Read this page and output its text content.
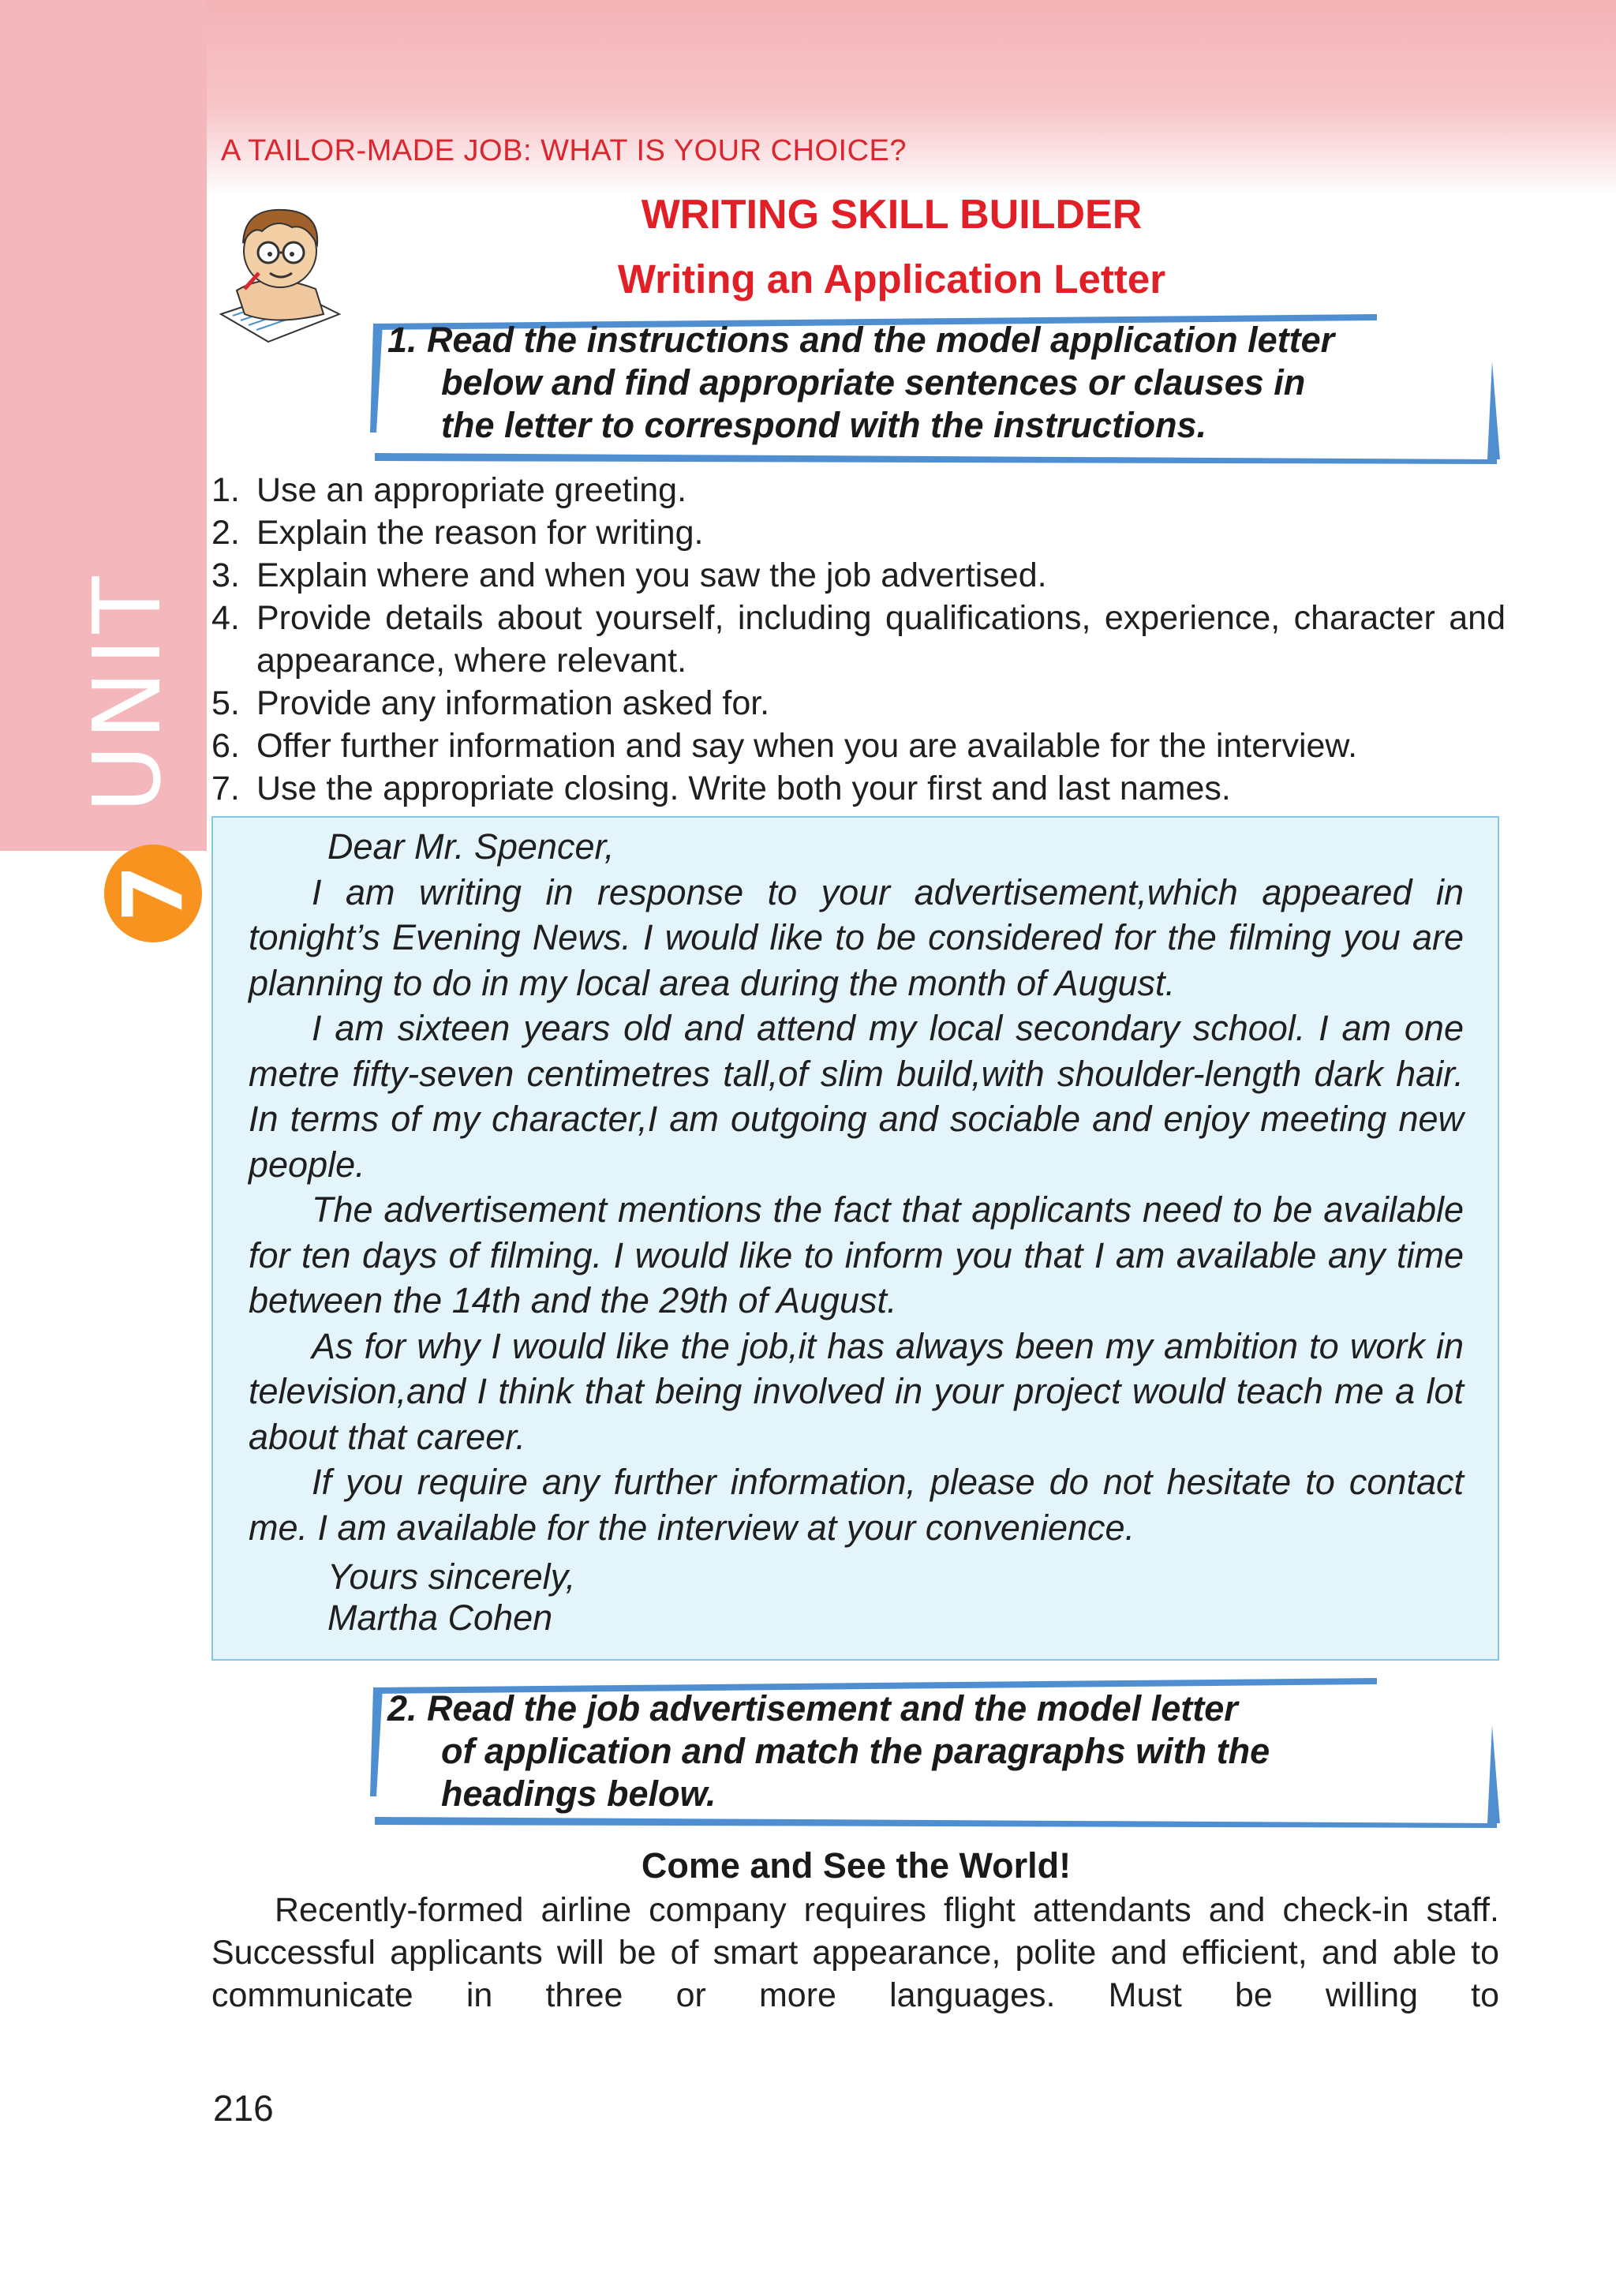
UNIT
7
A TAILOR-MADE JOB: WHAT IS YOUR CHOICE?
WRITING SKILL BUILDER
Writing an Application Letter
1. Read the instructions and the model application letter
below and find appropriate sentences or clauses in
the letter to correspond with the instructions.
1. Use an appropriate greeting.
2. Explain the reason for writing.
3. Explain where and when you saw the job advertised.
4. Provide details about yourself, including qualifications, experience, character and appearance, where relevant.
5. Provide any information asked for.
6. Offer further information and say when you are available for the interview.
7. Use the appropriate closing. Write both your first and last names.
Dear Mr. Spencer,

I am writing in response to your advertisement,which appeared in tonight’s Evening News. I would like to be considered for the filming you are planning to do in my local area during the month of August.

I am sixteen years old and attend my local secondary school. I am one metre fifty-seven centimetres tall,of slim build,with shoulder-length dark hair. In terms of my character,I am outgoing and sociable and enjoy meeting new people.

The advertisement mentions the fact that applicants need to be available for ten days of filming. I would like to inform you that I am available any time between the 14th and the 29th of August.

As for why I would like the job,it has always been my ambition to work in television,and I think that being involved in your project would teach me a lot about that career.

If you require any further information, please do not hesitate to contact me. I am available for the interview at your convenience.

Yours sincerely,
Martha Cohen
2. Read the job advertisement and the model letter
of application and match the paragraphs with the
headings below.
Come and See the World!

Recently-formed airline company requires flight attendants and check-in staff. Successful applicants will be of smart appearance, polite and efficient, and able to communicate in three or more languages. Must be willing to

216
